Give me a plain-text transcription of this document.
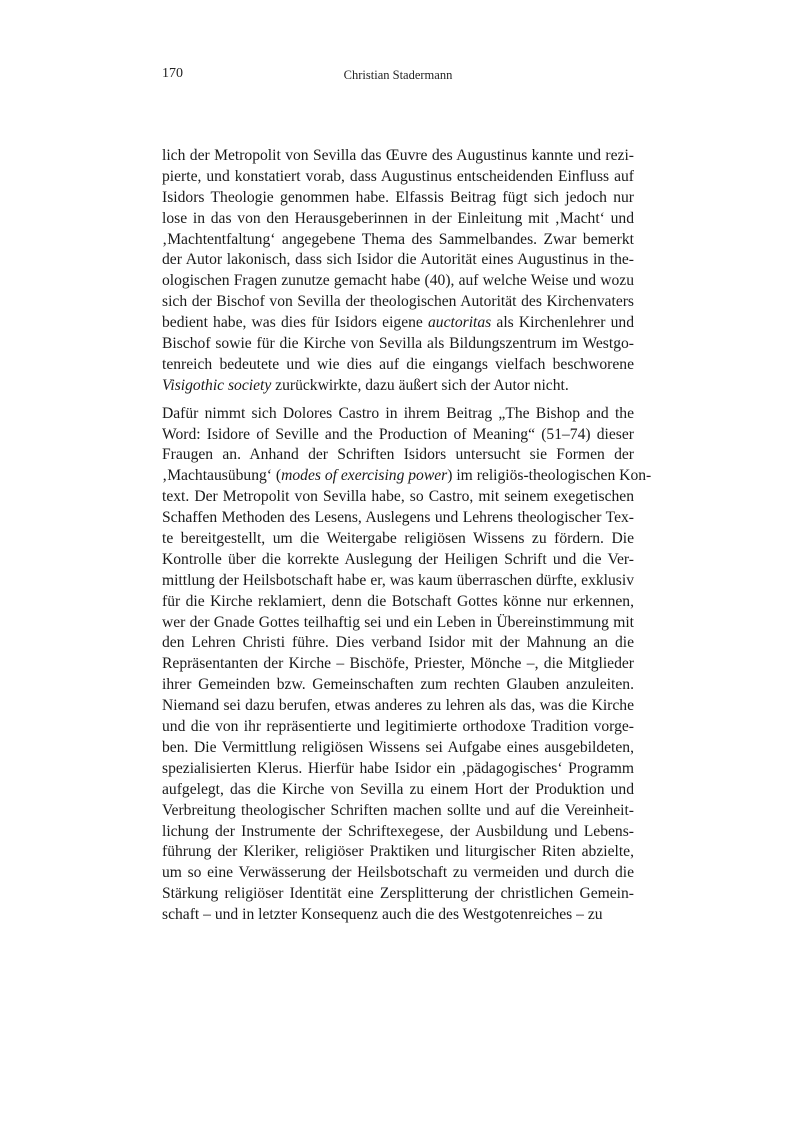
170	Christian Stadermann
lich der Metropolit von Sevilla das Œuvre des Augustinus kannte und rezi-
pierte, und konstatiert vorab, dass Augustinus entscheidenden Einfluss auf
Isidors Theologie genommen habe. Elfassis Beitrag fügt sich jedoch nur
lose in das von den Herausgeberinnen in der Einleitung mit ‚Macht‘ und
‚Machtentfaltung‘ angegebene Thema des Sammelbandes. Zwar bemerkt
der Autor lakonisch, dass sich Isidor die Autorität eines Augustinus in the-
ologischen Fragen zunutze gemacht habe (40), auf welche Weise und wozu
sich der Bischof von Sevilla der theologischen Autorität des Kirchenvaters
bedient habe, was dies für Isidors eigene auctoritas als Kirchenlehrer und
Bischof sowie für die Kirche von Sevilla als Bildungszentrum im Westgo-
tenreich bedeutete und wie dies auf die eingangs vielfach beschworene
Visigothic society zurückwirkte, dazu äußert sich der Autor nicht.
Dafür nimmt sich Dolores Castro in ihrem Beitrag „The Bishop and the
Word: Isidore of Seville and the Production of Meaning“ (51–74) dieser
Fraugen an. Anhand der Schriften Isidors untersucht sie Formen der
‚Machtausübung‘ (modes of exercising power) im religiös-theologischen Kon-
text. Der Metropolit von Sevilla habe, so Castro, mit seinem exegetischen
Schaffen Methoden des Lesens, Auslegens und Lehrens theologischer Tex-
te bereitgestellt, um die Weitergabe religiösen Wissens zu fördern. Die
Kontrolle über die korrekte Auslegung der Heiligen Schrift und die Ver-
mittlung der Heilsbotschaft habe er, was kaum überraschen dürfte, exklusiv
für die Kirche reklamiert, denn die Botschaft Gottes könne nur erkennen,
wer der Gnade Gottes teilhaftig sei und ein Leben in Übereinstimmung mit
den Lehren Christi führe. Dies verband Isidor mit der Mahnung an die
Repräsentanten der Kirche – Bischöfe, Priester, Mönche –, die Mitglieder
ihrer Gemeinden bzw. Gemeinschaften zum rechten Glauben anzuleiten.
Niemand sei dazu berufen, etwas anderes zu lehren als das, was die Kirche
und die von ihr repräsentierte und legitimierte orthodoxe Tradition vorge-
ben. Die Vermittlung religiösen Wissens sei Aufgabe eines ausgebildeten,
spezialisierten Klerus. Hierfür habe Isidor ein ‚pädagogisches‘ Programm
aufgelegt, das die Kirche von Sevilla zu einem Hort der Produktion und
Verbreitung theologischer Schriften machen sollte und auf die Vereinheit-
lichung der Instrumente der Schriftexegese, der Ausbildung und Lebens-
führung der Kleriker, religiöser Praktiken und liturgischer Riten abzielte,
um so eine Verwässerung der Heilsbotschaft zu vermeiden und durch die
Stärkung religiöser Identität eine Zersplitterung der christlichen Gemein-
schaft – und in letzter Konsequenz auch die des Westgotenreiches – zu
